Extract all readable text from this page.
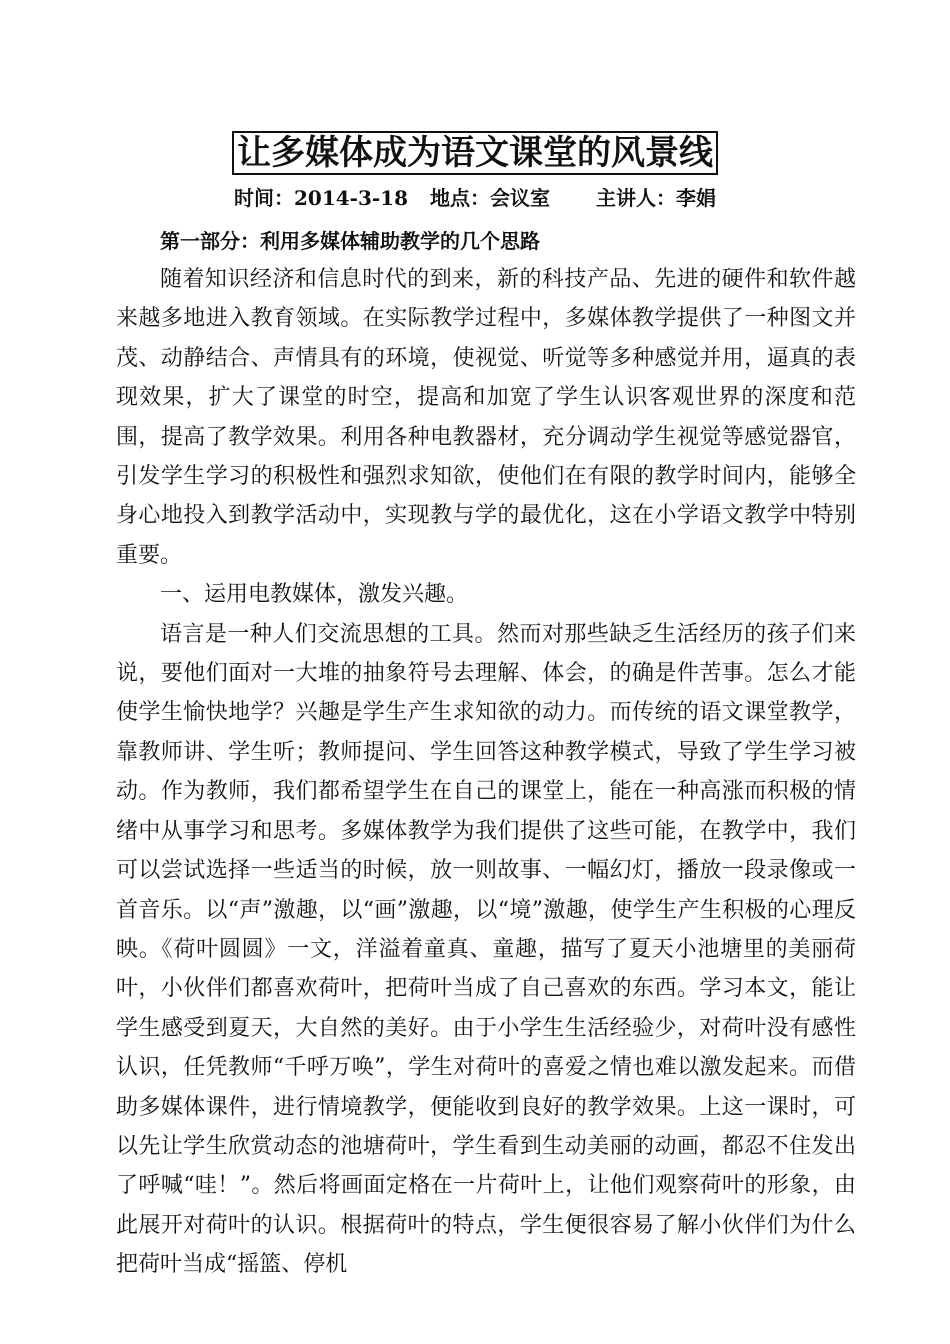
让多媒体成为语文课堂的风景线
时间：2014-3-18 地点：会议室 主讲人：李娟
第一部分：利用多媒体辅助教学的几个思路

随着知识经济和信息时代的到来，新的科技产品、先进的硬件和软件越来越多地进入教育领域。在实际教学过程中，多媒体教学提供了一种图文并茂、动静结合、声情具有的环境，使视觉、听觉等多种感觉并用，逼真的表现效果，扩大了课堂的时空，提高和加宽了学生认识客观世界的深度和范围，提高了教学效果。利用各种电教器材，充分调动学生视觉等感觉器官，引发学生学习的积极性和强烈求知欲，使他们在有限的教学时间内，能够全身心地投入到教学活动中，实现教与学的最优化，这在小学语文教学中特别重要。

一、运用电教媒体，激发兴趣。

语言是一种人们交流思想的工具。然而对那些缺乏生活经历的孩子们来说，要他们面对一大堆的抽象符号去理解、体会，的确是件苦事。怎么才能使学生愉快地学？兴趣是学生产生求知欲的动力。而传统的语文课堂教学，靠教师讲、学生听；教师提问、学生回答这种教学模式，导致了学生学习被动。作为教师，我们都希望学生在自己的课堂上，能在一种高涨而积极的情绪中从事学习和思考。多媒体教学为我们提供了这些可能，在教学中，我们可以尝试选择一些适当的时候，放一则故事、一幅幻灯，播放一段录像或一首音乐。以“声”激趣，以“画”激趣，以“境”激趣，使学生产生积极的心理反映。《荷叶圆圆》一文，洋溢着童真、童趣，描写了夏天小池塘里的美丽荷叶，小伙伴们都喜欢荷叶，把荷叶当成了自己喜欢的东西。学习本文，能让学生感受到夏天，大自然的美好。由于小学生生活经验少，对荷叶没有感性认识，任凭教师“千呼万唤”，学生对荷叶的喜爱之情也难以激发起来。而借助多媒体课件，进行情境教学，便能收到良好的教学效果。上这一课时，可以先让学生欣赏动态的池塘荷叶，学生看到生动美丽的动画，都忍不住发出了呼喊“哇！”。然后将画面定格在一片荷叶上，让他们观察荷叶的形象，由此展开对荷叶的认识。根据荷叶的特点，学生便很容易了解小伙伴们为什么把荷叶当成“摇篮、停机
